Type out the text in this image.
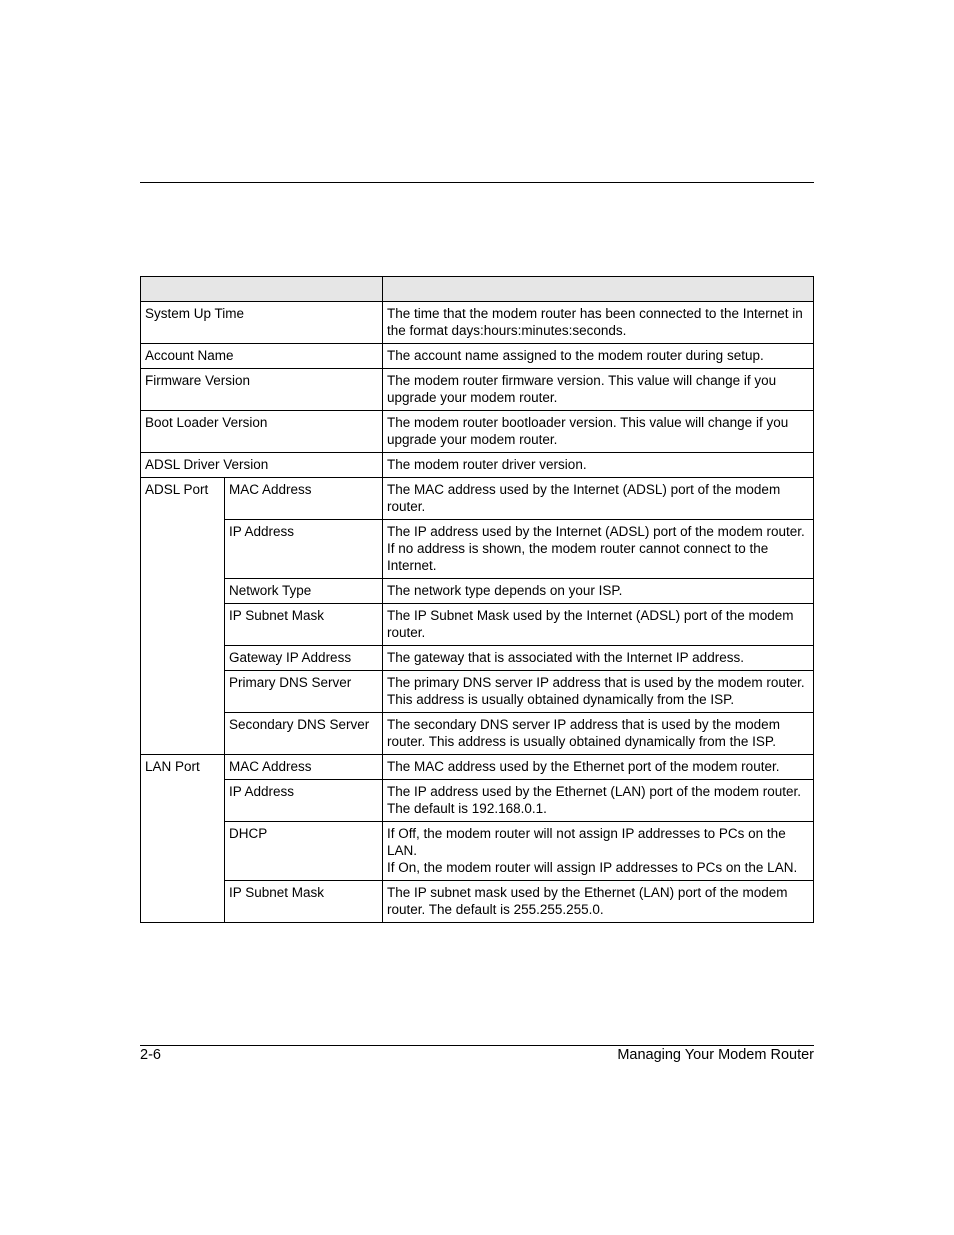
System Up Time		The time that the modem router has been connected to the Internet in the format days:hours:minutes:seconds.
Account Name		The account name assigned to the modem router during setup.
Firmware Version		The modem router firmware version. This value will change if you upgrade your modem router.
Boot Loader Version		The modem router bootloader version. This value will change if you upgrade your modem router.
ADSL Driver Version		The modem router driver version.
ADSL Port	MAC Address	The MAC address used by the Internet (ADSL) port of the modem router.
	IP Address	The IP address used by the Internet (ADSL) port of the modem router. If no address is shown, the modem router cannot connect to the Internet.
	Network Type	The network type depends on your ISP.
	IP Subnet Mask	The IP Subnet Mask used by the Internet (ADSL) port of the modem router.
	Gateway IP Address	The gateway that is associated with the Internet IP address.
	Primary DNS Server	The primary DNS server IP address that is used by the modem router. This address is usually obtained dynamically from the ISP.
	Secondary DNS Server	The secondary DNS server IP address that is used by the modem router. This address is usually obtained dynamically from the ISP.
LAN Port	MAC Address	The MAC address used by the Ethernet port of the modem router.
	IP Address	The IP address used by the Ethernet (LAN) port of the modem router. The default is 192.168.0.1.
	DHCP	If Off, the modem router will not assign IP addresses to PCs on the LAN.
If On, the modem router will assign IP addresses to PCs on the LAN.

	IP Subnet Mask	The IP subnet mask used by the Ethernet (LAN) port of the modem router. The default is 255.255.255.0.
2-6	Managing Your Modem Router
